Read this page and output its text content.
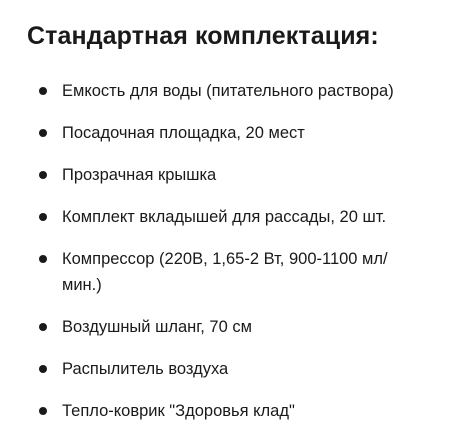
Стандартная комплектация:
Емкость для воды (питательного раствора)
Посадочная площадка, 20 мест
Прозрачная крышка
Комплект вкладышей для рассады, 20 шт.
Компрессор (220В, 1,65-2 Вт, 900-1100 мл/мин.)
Воздушный шланг, 70 см
Распылитель воздуха
Тепло-коврик "Здоровья клад"
